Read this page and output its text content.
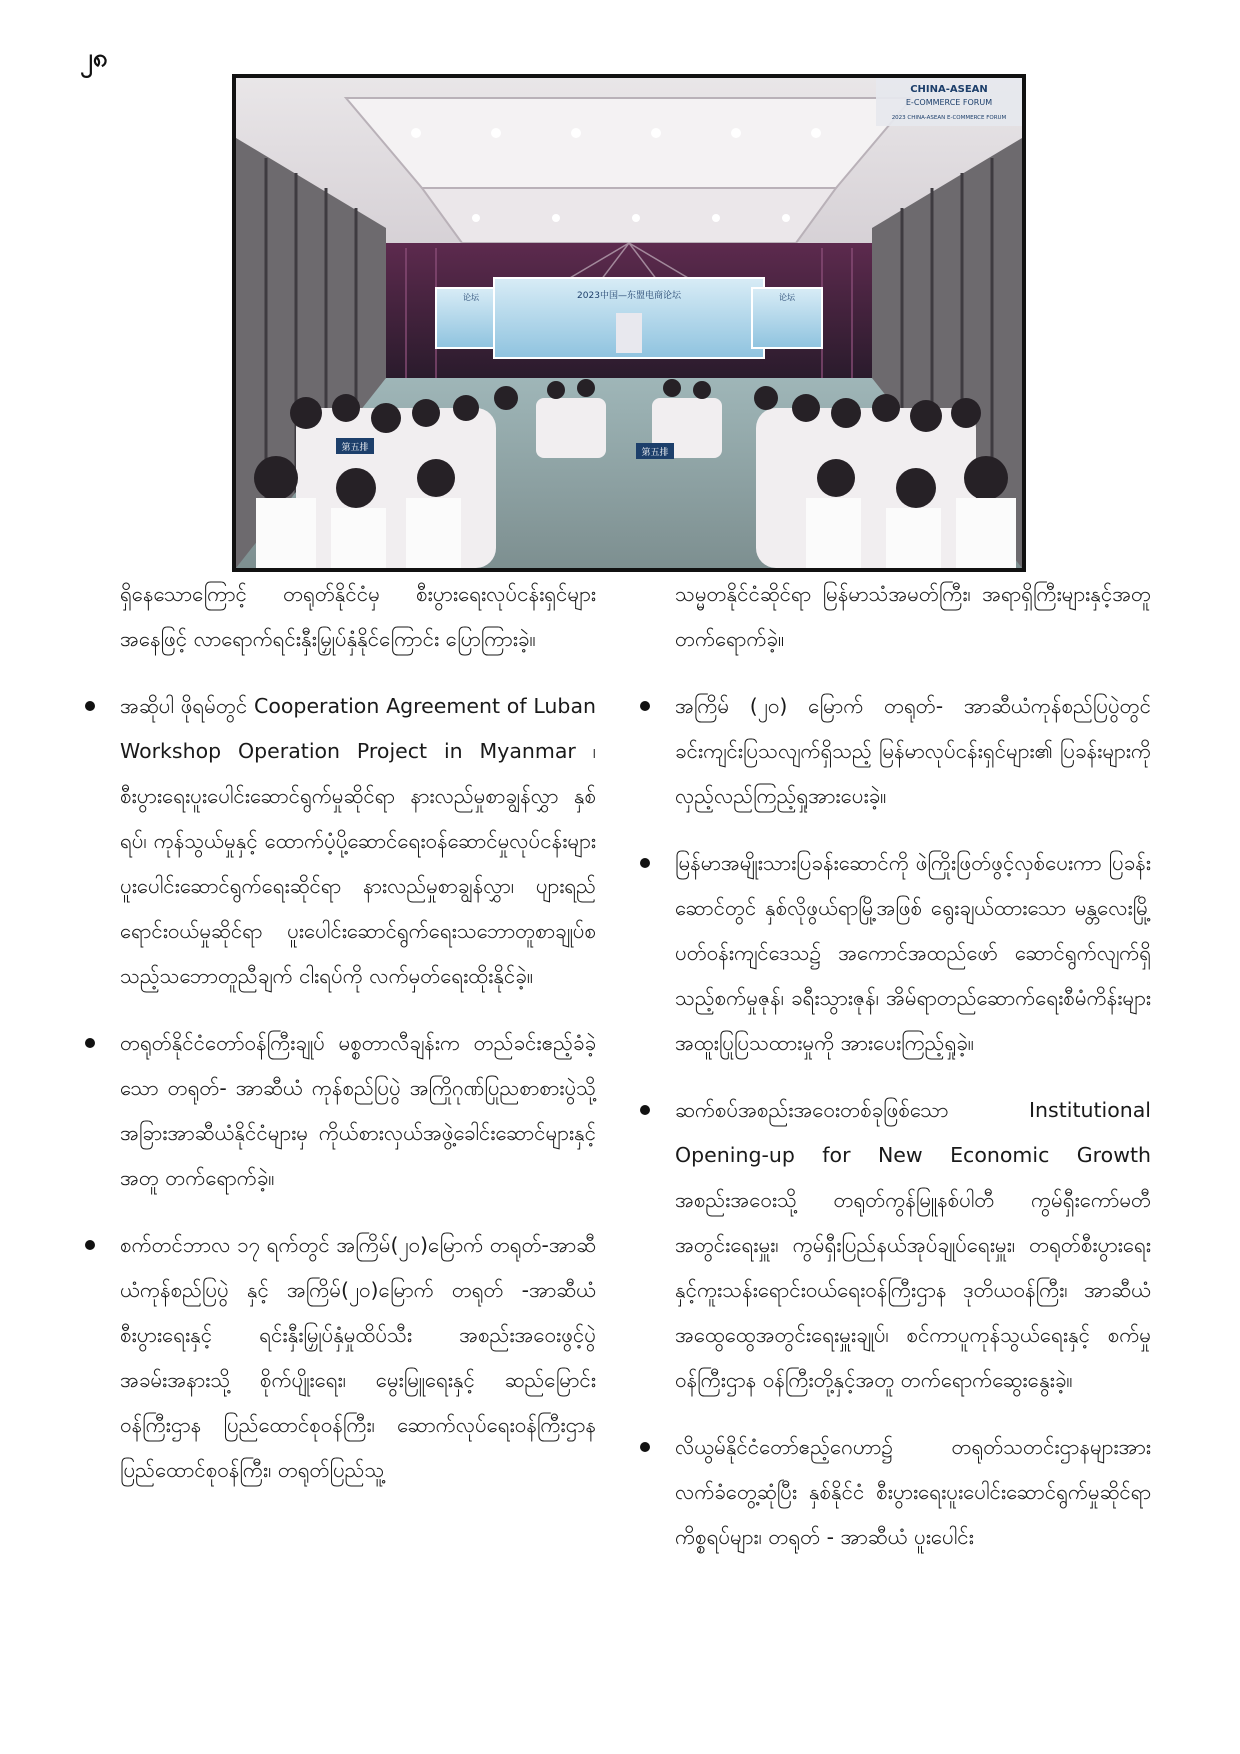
၂၈
2023中国—东盟电商论坛
论坛	论坛
第五排	第五排
CHINA-ASEAN
E-COMMERCE FORUM
2023 CHINA-ASEAN E-COMMERCE FORUM

ရှိနေသောကြောင့် တရုတ်နိုင်ငံမှ စီးပွားရေးလုပ်ငန်းရှင်များအနေဖြင့် လာရောက်ရင်းနှီးမြှုပ်နှံနိုင်ကြောင်း ပြောကြားခဲ့။

အဆိုပါ ဖိုရမ်တွင် Cooperation Agreement of Luban Workshop Operation Project in Myanmar ၊ စီးပွားရေးပူးပေါင်းဆောင်ရွက်မှုဆိုင်ရာ နားလည်မှုစာချွန်လွှာ နှစ်ရပ်၊ ကုန်သွယ်မှုနှင့် ထောက်ပံ့ပို့ဆောင်ရေးဝန်ဆောင်မှုလုပ်ငန်းများ ပူးပေါင်းဆောင်ရွက်ရေးဆိုင်ရာ နားလည်မှုစာချွန်လွှာ၊ ပျားရည်ရောင်းဝယ်မှုဆိုင်ရာ ပူးပေါင်းဆောင်ရွက်ရေးသဘောတူစာချုပ်စသည့်သဘောတူညီချက် ငါးရပ်ကို လက်မှတ်ရေးထိုးနိုင်ခဲ့။
တရုတ်နိုင်ငံတော်ဝန်ကြီးချုပ် မစ္စတာလီချန်းက တည်ခင်းဧည့်ခံခဲ့သော တရုတ်- အာဆီယံ ကုန်စည်ပြပွဲ အကြိုဂုဏ်ပြုညစာစားပွဲသို့ အခြားအာဆီယံနိုင်ငံများမှ ကိုယ်စားလှယ်အဖွဲ့ခေါင်းဆောင်များနှင့်အတူ တက်ရောက်ခဲ့။
စက်တင်ဘာလ ၁၇ ရက်တွင် အကြိမ်(၂၀)မြောက် တရုတ်-အာဆီယံကုန်စည်ပြပွဲ နှင့် အကြိမ်(၂၀)မြောက် တရုတ် -အာဆီယံစီးပွားရေးနှင့် ရင်းနှီးမြှုပ်နှံမှုထိပ်သီး အစည်းအဝေးဖွင့်ပွဲအခမ်းအနားသို့ စိုက်ပျိုးရေး၊ မွေးမြူရေးနှင့် ဆည်မြောင်းဝန်ကြီးဌာန ပြည်ထောင်စုဝန်ကြီး၊ ဆောက်လုပ်ရေးဝန်ကြီးဌာန ပြည်ထောင်စုဝန်ကြီး၊ တရုတ်ပြည်သူ့

သမ္မတနိုင်ငံဆိုင်ရာ မြန်မာသံအမတ်ကြီး၊ အရာရှိကြီးများနှင့်အတူ တက်ရောက်ခဲ့။

အကြိမ် (၂၀) မြောက် တရုတ်- အာဆီယံကုန်စည်ပြပွဲတွင် ခင်းကျင်းပြသလျက်ရှိသည့် မြန်မာလုပ်ငန်းရှင်များ၏ ပြခန်းများကို လှည့်လည်ကြည့်ရှုအားပေးခဲ့။
မြန်မာအမျိုးသားပြခန်းဆောင်ကို ဖဲကြိုးဖြတ်ဖွင့်လှစ်ပေးကာ ပြခန်းဆောင်တွင် နှစ်လိုဖွယ်ရာမြို့အဖြစ် ရွေးချယ်ထားသော မန္တလေးမြို့ပတ်ဝန်းကျင်ဒေသ၌ အကောင်အထည်ဖော် ဆောင်ရွက်လျက်ရှိသည့်စက်မှုဇုန်၊ ခရီးသွားဇုန်၊ အိမ်ရာတည်ဆောက်ရေးစီမံကိန်းများ အထူးပြုပြသထားမှုကို အားပေးကြည့်ရှုခဲ့။
ဆက်စပ်အစည်းအဝေးတစ်ခုဖြစ်သော Institutional Opening-up for New Economic Growth အစည်းအဝေးသို့ တရုတ်ကွန်မြူနစ်ပါတီ ကွမ်ရှီးကော်မတီအတွင်းရေးမှူး၊ ကွမ်ရှီးပြည်နယ်အုပ်ချုပ်ရေးမှူး၊ တရုတ်စီးပွားရေးနှင့်ကူးသန်းရောင်းဝယ်ရေးဝန်ကြီးဌာန ဒုတိယဝန်ကြီး၊ အာဆီယံအထွေထွေအတွင်းရေးမှူးချုပ်၊ စင်ကာပူကုန်သွယ်ရေးနှင့် စက်မှုဝန်ကြီးဌာန ဝန်ကြီးတို့နှင့်အတူ တက်ရောက်ဆွေးနွေးခဲ့။
လိယွမ်နိုင်ငံတော်ဧည့်ဂေဟာ၌ တရုတ်သတင်းဌာနများအား လက်ခံတွေ့ဆုံပြီး နှစ်နိုင်ငံ စီးပွားရေးပူးပေါင်းဆောင်ရွက်မှုဆိုင်ရာကိစ္စရပ်များ၊ တရုတ် - အာဆီယံ ပူးပေါင်း
